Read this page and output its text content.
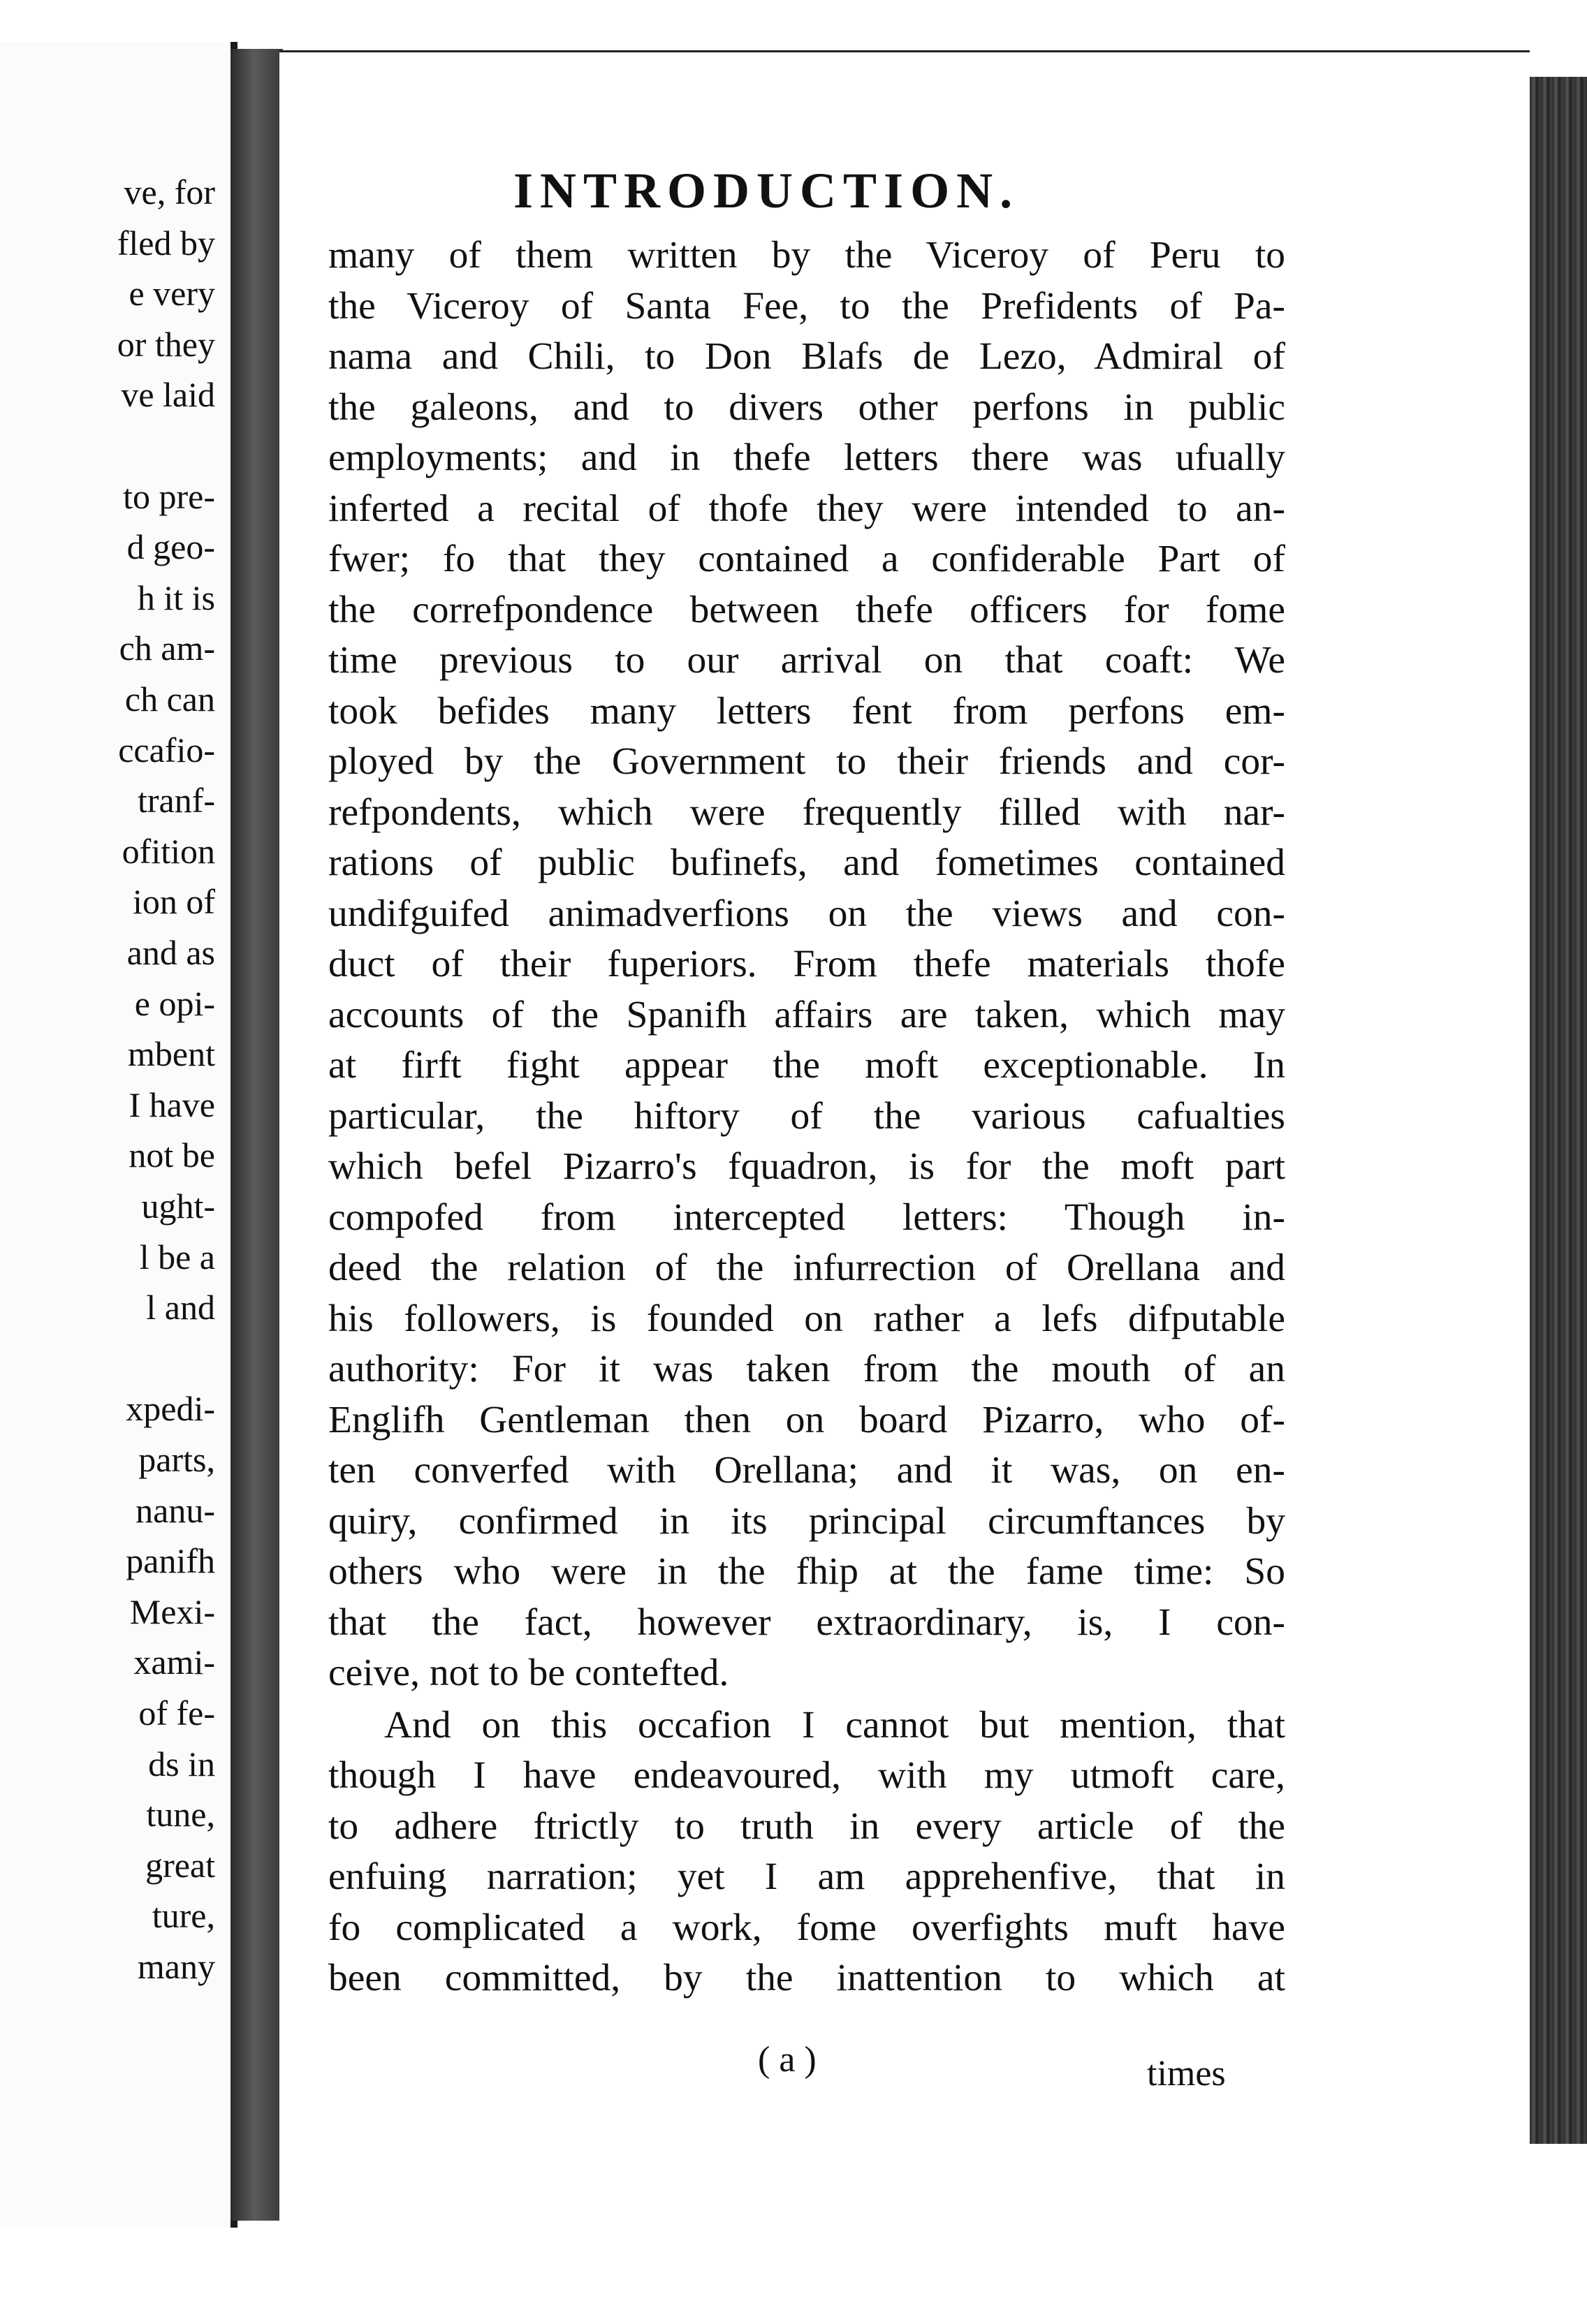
ve, for
fled by
e very
or they
ve laid
to pre-
d geo-
h it is
ch am-
ch can
ccafio-
tranf-
ofition
ion of
and as
e opi-
mbent
I have
not be
ught-
l be a
l and
xpedi-
parts,
nanu-
panifh
Mexi-
xami-
of fe-
ds in
tune,
great
ture,
many
INTRODUCTION.

many of them written by the Viceroy of Peru to
the Viceroy of Santa Fee, to the Prefidents of Pa-
nama and Chili, to Don Blafs de Lezo, Admiral of
the galeons, and to divers other perfons in public
employments; and in thefe letters there was ufually
inferted a recital of thofe they were intended to an-
fwer; fo that they contained a confiderable Part of
the correfpondence between thefe officers for fome
time previous to our arrival on that coaft: We
took befides many letters fent from perfons em-
ployed by the Government to their friends and cor-
refpondents, which were frequently filled with nar-
rations of public bufinefs, and fometimes contained
undifguifed animadverfions on the views and con-
duct of their fuperiors. From thefe materials thofe
accounts of the Spanifh affairs are taken, which may
at firft fight appear the moft exceptionable. In
particular, the hiftory of the various cafualties
which befel Pizarro's fquadron, is for the moft part
compofed from intercepted letters: Though in-
deed the relation of the infurrection of Orellana and
his followers, is founded on rather a lefs difputable
authority: For it was taken from the mouth of an
Englifh Gentleman then on board Pizarro, who of-
ten converfed with Orellana; and it was, on en-
quiry, confirmed in its principal circumftances by
others who were in the fhip at the fame time: So
that the fact, however extraordinary, is, I con-
ceive, not to be contefted.

And on this occafion I cannot but mention, that
though I have endeavoured, with my utmoft care,
to adhere ftrictly to truth in every article of the
enfuing narration; yet I am apprehenfive, that in
fo complicated a work, fome overfights muft have
been committed, by the inattention to which at

( a )	times
